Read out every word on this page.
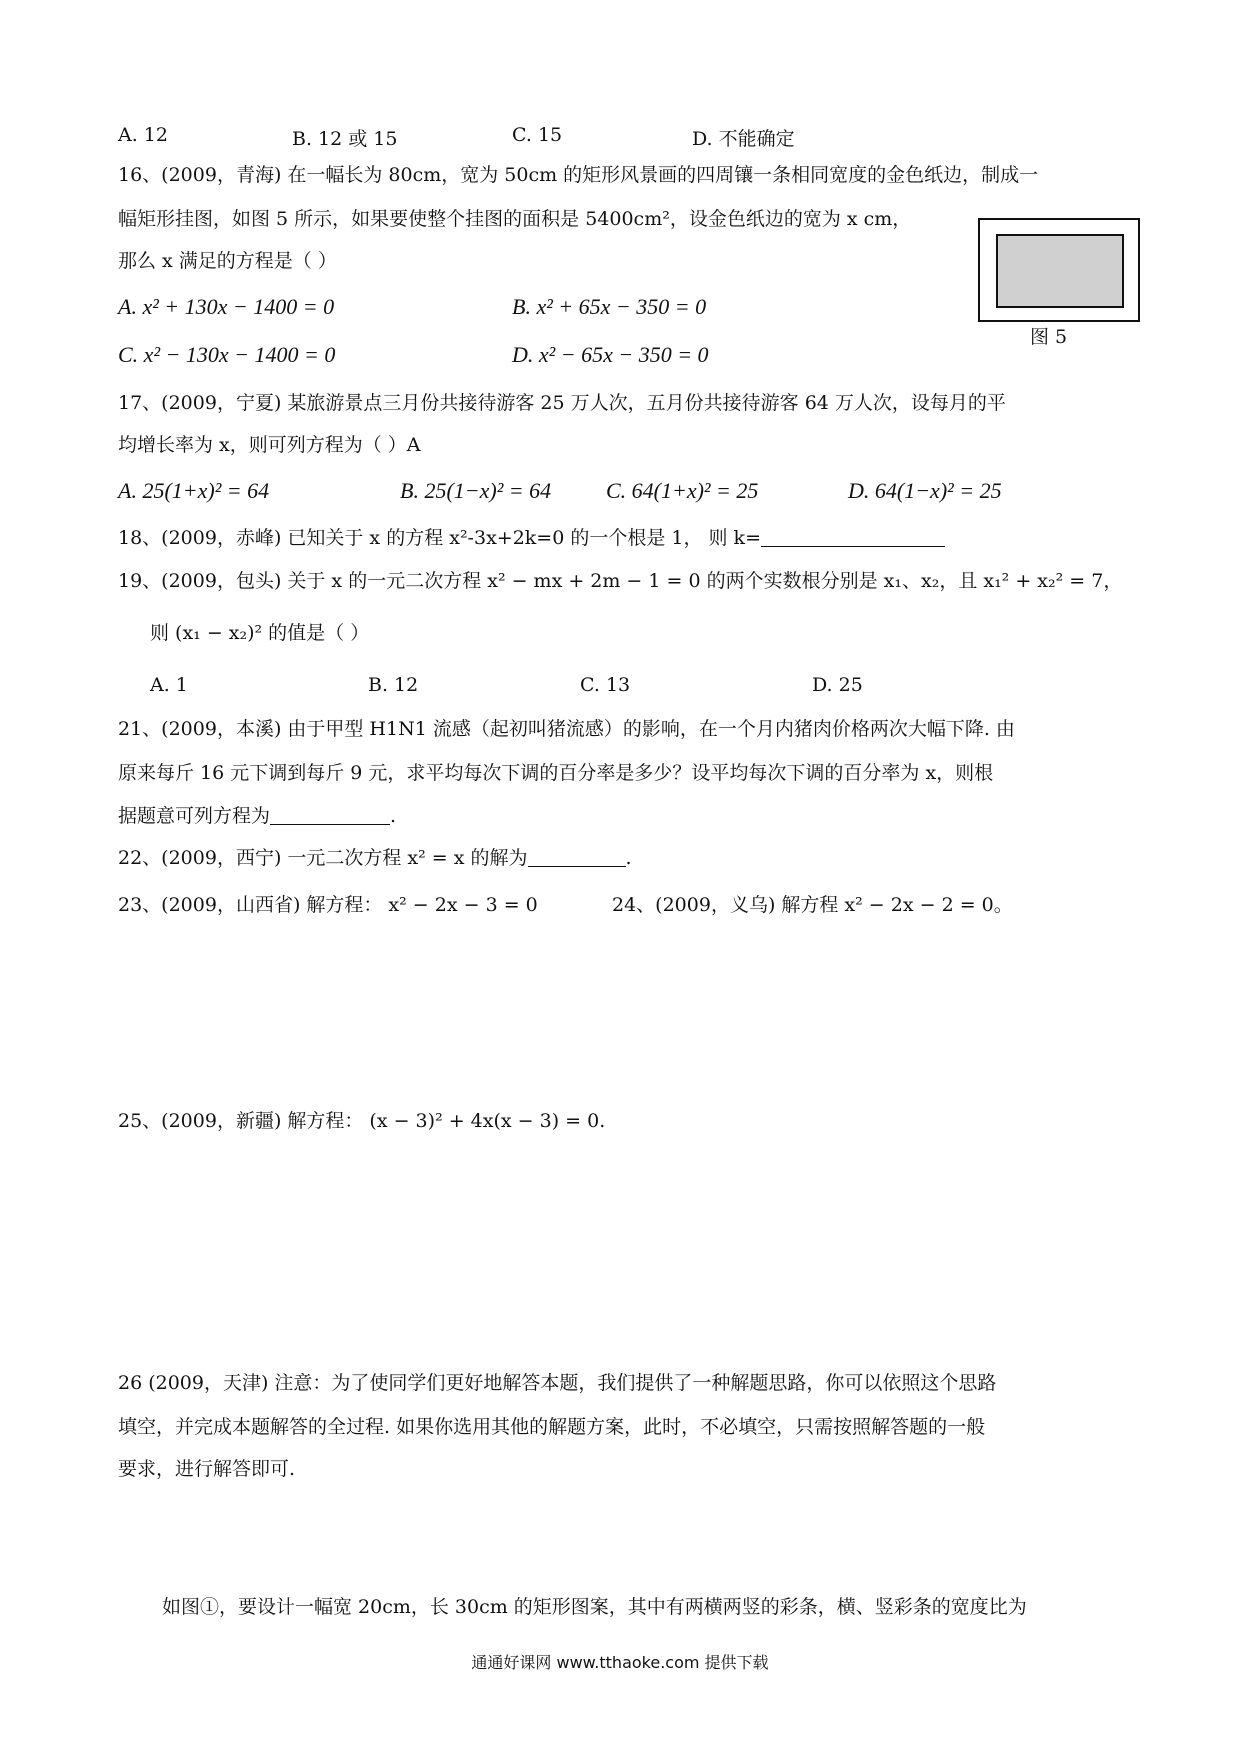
A. 12	B. 12 或 15	C. 15	D. 不能确定
16、(2009，青海) 在一幅长为 80cm，宽为 50cm 的矩形风景画的四周镶一条相同宽度的金色纸边，制成一
幅矩形挂图，如图 5 所示，如果要使整个挂图的面积是 5400cm²，设金色纸边的宽为 x cm，
那么 x 满足的方程是（ ）
A. x² + 130x − 1400 = 0	B. x² + 65x − 350 = 0
C. x² − 130x − 1400 = 0	D. x² − 65x − 350 = 0
图 5
17、(2009，宁夏) 某旅游景点三月份共接待游客 25 万人次，五月份共接待游客 64 万人次，设每月的平
均增长率为 x，则可列方程为（ ）A
A. 25(1+x)² = 64	B. 25(1−x)² = 64 C. 64(1+x)² = 25	D. 64(1−x)² = 25
18、(2009，赤峰) 已知关于 x 的方程 x²-3x+2k=0 的一个根是 1， 则 k=
19、(2009，包头) 关于 x 的一元二次方程 x² − mx + 2m − 1 = 0 的两个实数根分别是 x₁、x₂，且 x₁² + x₂² = 7，
则 (x₁ − x₂)² 的值是（ ）
A. 1	B. 12	C. 13	D. 25
21、(2009，本溪) 由于甲型 H1N1 流感（起初叫猪流感）的影响，在一个月内猪肉价格两次大幅下降. 由
原来每斤 16 元下调到每斤 9 元，求平均每次下调的百分率是多少？设平均每次下调的百分率为 x，则根
据题意可列方程为	.
22、(2009，西宁) 一元二次方程 x² = x 的解为	.
23、(2009，山西省) 解方程： x² − 2x − 3 = 0	24、(2009，义乌) 解方程 x² − 2x − 2 = 0。
25、(2009，新疆) 解方程： (x − 3)² + 4x(x − 3) = 0.
26 (2009，天津) 注意：为了使同学们更好地解答本题，我们提供了一种解题思路，你可以依照这个思路
填空，并完成本题解答的全过程. 如果你选用其他的解题方案，此时，不必填空，只需按照解答题的一般
要求，进行解答即可.
如图①，要设计一幅宽 20cm，长 30cm 的矩形图案，其中有两横两竖的彩条，横、竖彩条的宽度比为
通通好课网 www.tthaoke.com 提供下载
